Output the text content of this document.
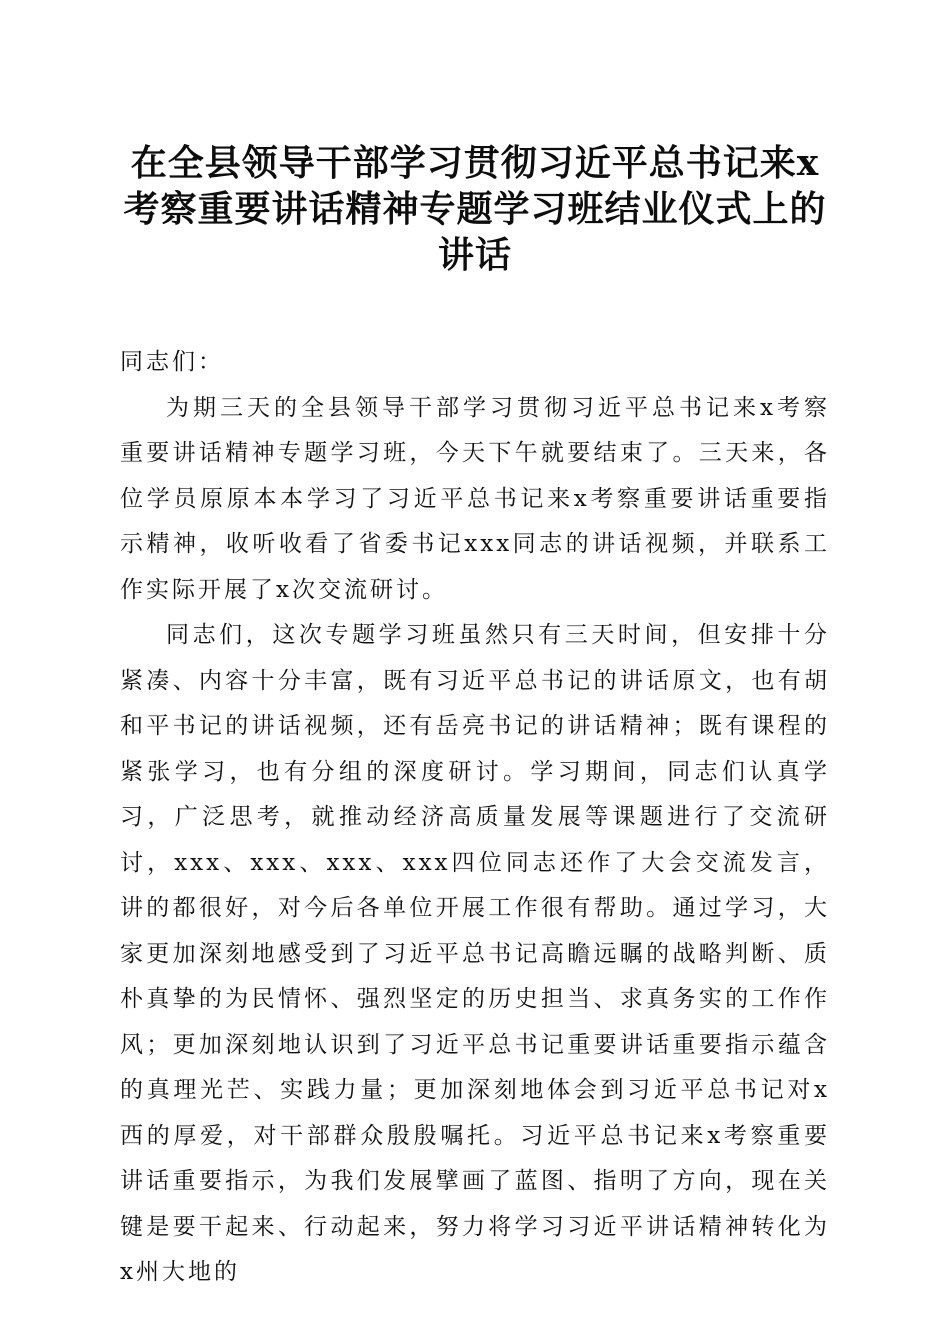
在全县领导干部学习贯彻习近平总书记来x考察重要讲话精神专题学习班结业仪式上的讲话

同志们：

为期三天的全县领导干部学习贯彻习近平总书记来x考察重要讲话精神专题学习班，今天下午就要结束了。三天来，各位学员原原本本学习了习近平总书记来x考察重要讲话重要指示精神，收听收看了省委书记xxx同志的讲话视频，并联系工作实际开展了x次交流研讨。

同志们，这次专题学习班虽然只有三天时间，但安排十分紧凑、内容十分丰富，既有习近平总书记的讲话原文，也有胡和平书记的讲话视频，还有岳亮书记的讲话精神；既有课程的紧张学习，也有分组的深度研讨。学习期间，同志们认真学习，广泛思考，就推动经济高质量发展等课题进行了交流研讨，xxx、xxx、xxx、xxx四位同志还作了大会交流发言，讲的都很好，对今后各单位开展工作很有帮助。通过学习，大家更加深刻地感受到了习近平总书记高瞻远瞩的战略判断、质朴真挚的为民情怀、强烈坚定的历史担当、求真务实的工作作风；更加深刻地认识到了习近平总书记重要讲话重要指示蕴含的真理光芒、实践力量；更加深刻地体会到习近平总书记对x西的厚爱，对干部群众殷殷嘱托。习近平总书记来x考察重要讲话重要指示，为我们发展擘画了蓝图、指明了方向，现在关键是要干起来、行动起来，努力将学习习近平讲话精神转化为x州大地的
